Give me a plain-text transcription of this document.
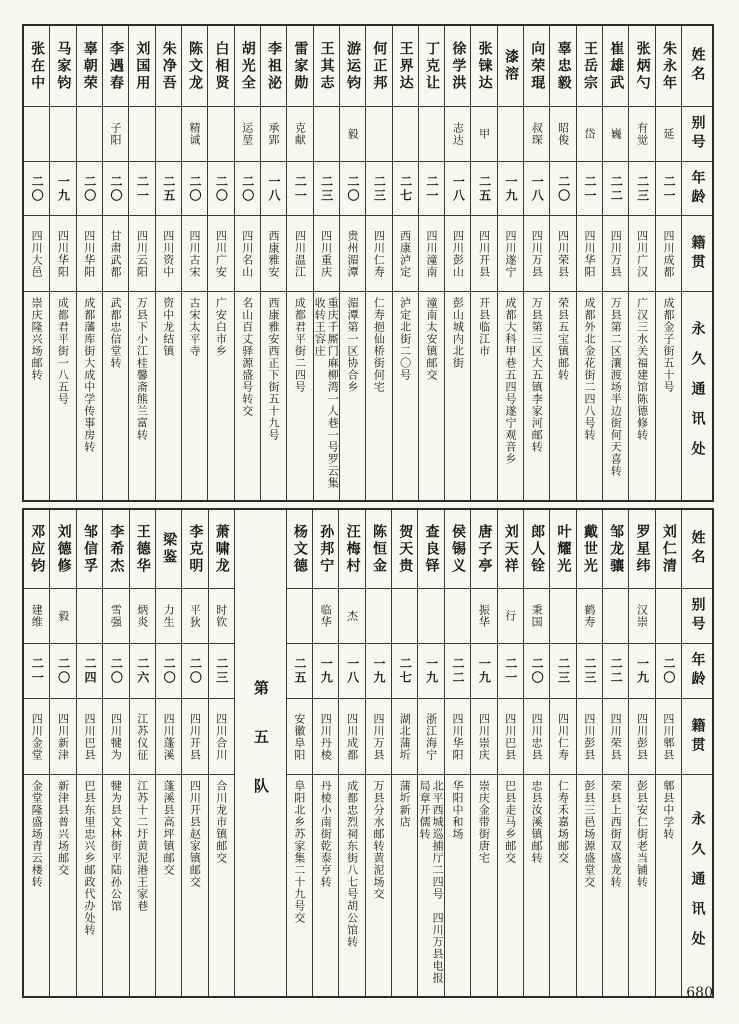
姓名
别号
年龄
籍贯
永久通讯处
朱永年
延
二一
四川成都
成都金子街五十号
张炳勺
有觉
二三
四川广汉
广汉三水关福建馆陈德修转
崔雄武
巍
二二
四川万县
万县第二区瀼渡场半边街何天喜转
王岳宗
岱
二一
四川华阳
成都外北金花街二四八号转
辜忠毅
昭俊
二〇
四川荣县
荣县五宝镇邮转
向荣琨
叔琛
一八
四川万县
万县第三区大五镇李家河邮转
漆溶
一九
四川遂宁
成都大科甲巷五四号遂宁观音乡
张铼达
甲
二五
四川开县
开县临江市
徐学洪
志达
一八
四川彭山
彭山城内北街
丁克让
二一
四川潼南
潼南太安镇邮交
王界达
二七
西康泸定
泸定北街二〇号
何正邦
二三
四川仁寿
仁寿挹仙桥街何宅
游运钧
毅
二〇
贵州湄潭
湄潭第一区协合乡
王其志
二三
四川重庆
重庆千厮门麻柳湾一人巷一号罗云集收转王容庄
雷家勋
克献
二一
四川温江
成都君平街二四号
李祖泌
承郢
一八
西康雅安
西康雅安西正下街五十九号
胡光全
运堃
二〇
四川名山
名山百丈驿源盛号转交
白相贤
二〇
四川广安
广安白市乡
陈文龙
精诚
二〇
四川古宋
古宋太平寺
朱净吾
二五
四川资中
资中龙结镇
刘国用
二一
四川云阳
万县下小江桂馨斋熊兰富转
李遇春
子阳
二〇
甘肃武都
武都忠信堂转
辜朝荣
二〇
四川华阳
成都藩库街大成中学传事房转
马家钧
一九
四川华阳
成都君平街一八五号
张在中
二〇
四川大邑
崇庆隆兴场邮转
姓名
别号
年龄
籍贯
永久通讯处
刘仁清
二〇
四川郫县
郫县中学转
罗星纬
汉崇
一九
四川彭县
彭县安仁街老当铺转
邹龙骧
二二
四川荣县
荣县上西街双盛龙转
戴世光
鹤寿
二三
四川彭县
彭县三邑场源盛堂交
叶耀光
二三
四川仁寿
仁寿禾嘉场邮交
郎人铨
秉国
二〇
四川忠县
忠县汝溪镇邮转
刘天祥
行
二一
四川巴县
巴县走马乡邮交
唐子亭
振华
一九
四川崇庆
崇庆金带街唐宅
侯锡义
二二
四川华阳
华阳中和场
查良铎
一九
浙江海宁
北平西城巡捕厅二四号　四川万县电报局章开儒转
贺天贵
二七
湖北蒲圻
蒲圻新店
陈恒金
一九
四川万县
万县分水邮转黄泥场交
汪梅村
杰
一八
四川成都
成都忠烈祠东街八七号胡公馆转
孙邦宁
临华
一九
四川丹棱
丹棱小南街乾泰亨转
杨文德
二五
安徽阜阳
阜阳北乡苏家集二十九号交
第五队
萧啸龙
时钦
二三
四川合川
合川龙市镇邮交
李克明
平狄
二〇
四川开县
四川开县赵家镇邮交
梁鉴
力生
二〇
四川蓬溪
蓬溪县高坪镇邮交
王德华
炳炎
二六
江苏仪征
江苏十二圩黄泥港王家巷
李希杰
雪强
二〇
四川犍为
犍为县文林街平陆孙公馆
邹信孚
二四
四川巴县
巴县东里忠兴乡邮政代办处转
刘德修
毅
二〇
四川新津
新津县普兴场邮交
邓应钧
建维
二一
四川金堂
金堂隆盛场青云楼转
680
